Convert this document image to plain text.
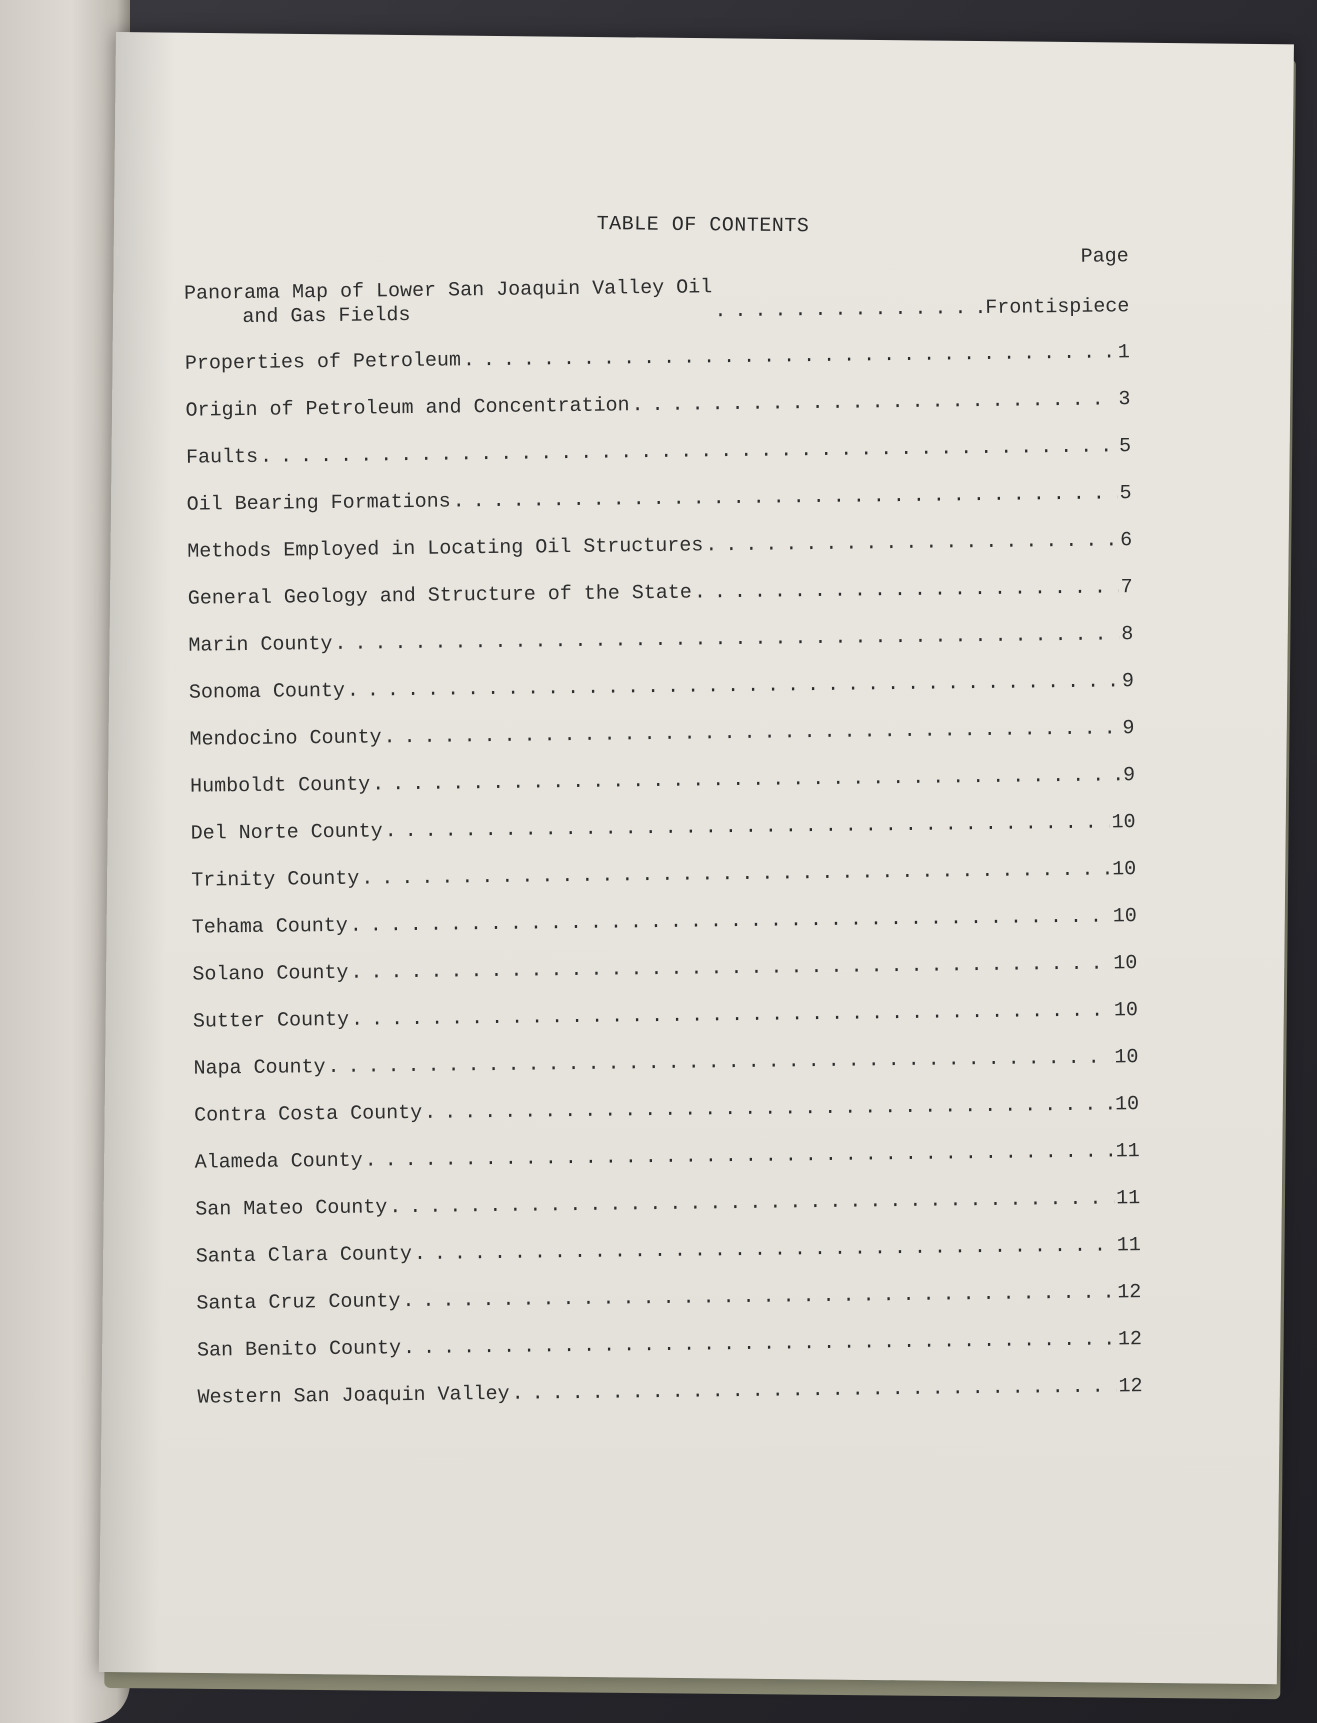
TABLE OF CONTENTS
Page
Panorama Map of Lower San Joaquin Valley Oil
and Gas Fields . . .	Frontispiece
Properties of Petroleum . . .	1
Origin of Petroleum and Concentration . . .	3
Faults . . .	5
Oil Bearing Formations . . .	5
Methods Employed in Locating Oil Structures . . .	6
General Geology and Structure of the State . . .	7
Marin County . . .	8
Sonoma County . . .	9
Mendocino County . . .	9
Humboldt County . . .	9
Del Norte County . . .	10
Trinity County . . .	10
Tehama County . . .	10
Solano County . . .	10
Sutter County . . .	10
Napa County . . .	10
Contra Costa County . . .	10
Alameda County . . .	11
San Mateo County . . .	11
Santa Clara County . . .	11
Santa Cruz County . . .	12
San Benito County . . .	12
Western San Joaquin Valley . . .	12
